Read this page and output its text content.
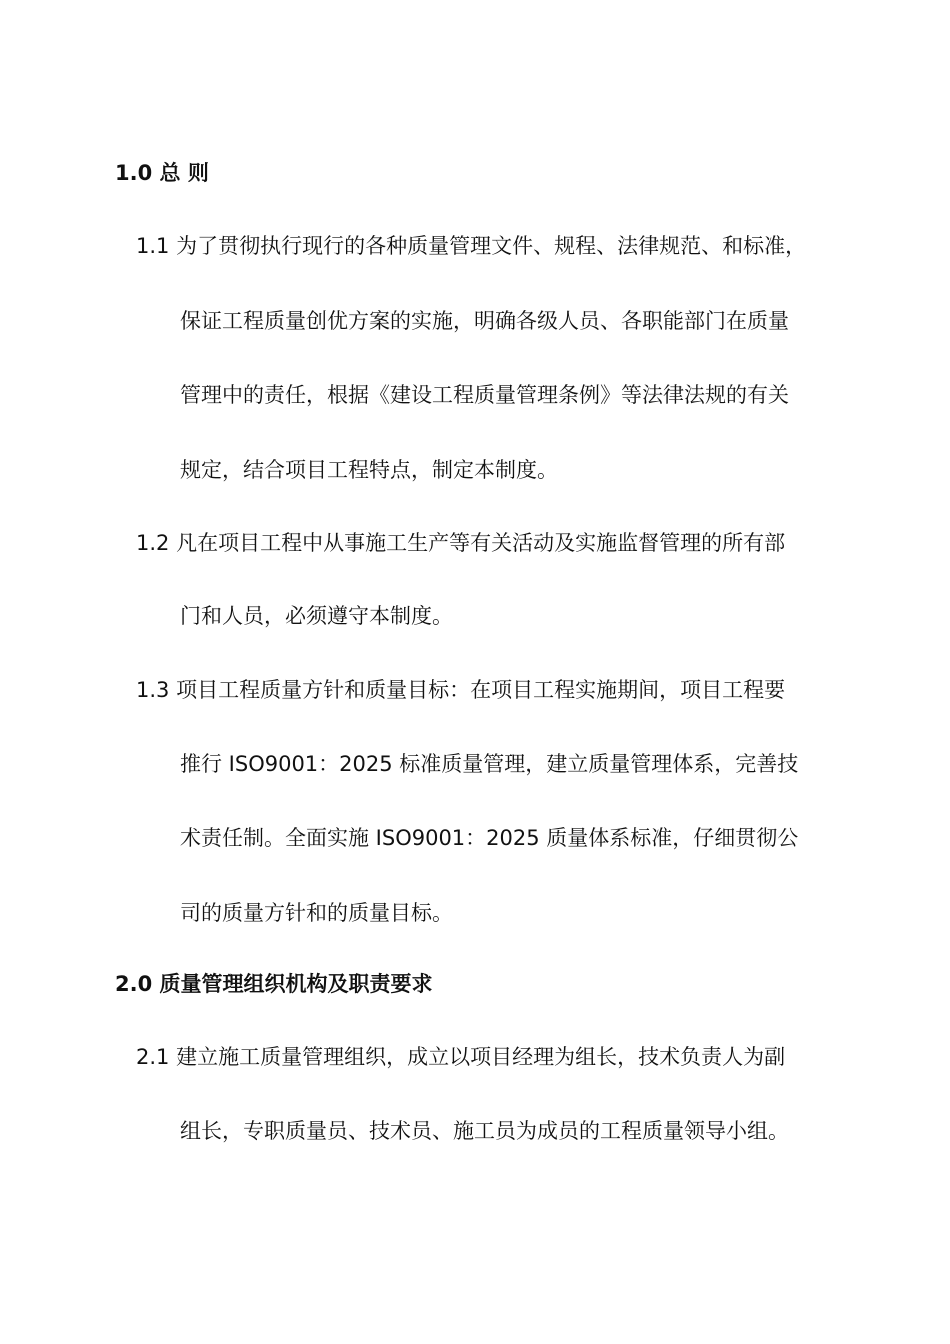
1.0 总 则
1.1 为了贯彻执行现行的各种质量管理文件、规程、法律规范、和标准，
保证工程质量创优方案的实施，明确各级人员、各职能部门在质量
管理中的责任，根据《建设工程质量管理条例》等法律法规的有关
规定，结合项目工程特点，制定本制度。
1.2 凡在项目工程中从事施工生产等有关活动及实施监督管理的所有部
门和人员，必须遵守本制度。
1.3 项目工程质量方针和质量目标：在项目工程实施期间，项目工程要
推行 ISO9001：2025 标准质量管理，建立质量管理体系，完善技
术责任制。全面实施 ISO9001：2025 质量体系标准，仔细贯彻公
司的质量方针和的质量目标。
2.0 质量管理组织机构及职责要求
2.1 建立施工质量管理组织，成立以项目经理为组长，技术负责人为副
组长，专职质量员、技术员、施工员为成员的工程质量领导小组。
